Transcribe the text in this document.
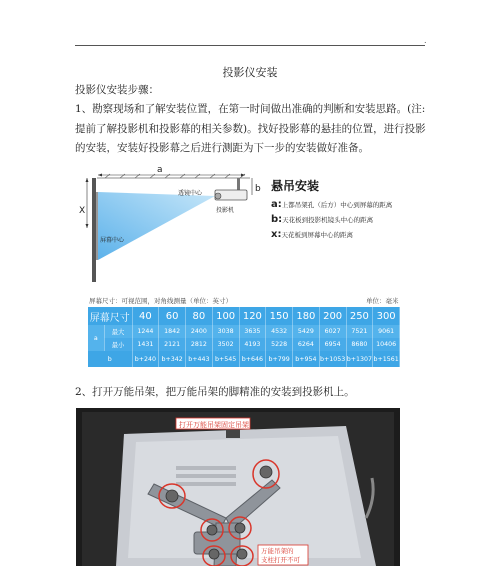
.
投影仪安装
投影仪安装步骤：
1、勘察现场和了解安装位置，在第一时间做出准确的判断和安装思路。(注:提前了解投影机和投影幕的相关参数)。找好投影幕的悬挂的位置，进行投影的安装，安装好投影幕之后进行测距为下一步的安装做好准备。
a
X
b
透镜中心
投影机
屏幕中心
悬吊安装
a:上都吊架孔（后方）中心到屏幕的距离
b:天花板到投影机镜头中心的距离
x:天花板到屏幕中心的距离
屏幕尺寸：可视范围，对角线测量（单位：英寸）	单位：毫米
屏幕尺寸		40	60	80	100	120	150	180	200	250	300
a	最大	1244	1842	2400	3038	3635	4532	5429	6027	7521	9061
	最小	1431	2121	2812	3502	4193	5228	6264	6954	8680	10406
b		b+240	b+342	b+443	b+545	b+646	b+799	b+954	b+1053	b+1307	b+1561
2、打开万能吊架，把万能吊架的脚精准的安装到投影机上。
打开万能吊架固定吊架
万能吊架的支柱打开不可
